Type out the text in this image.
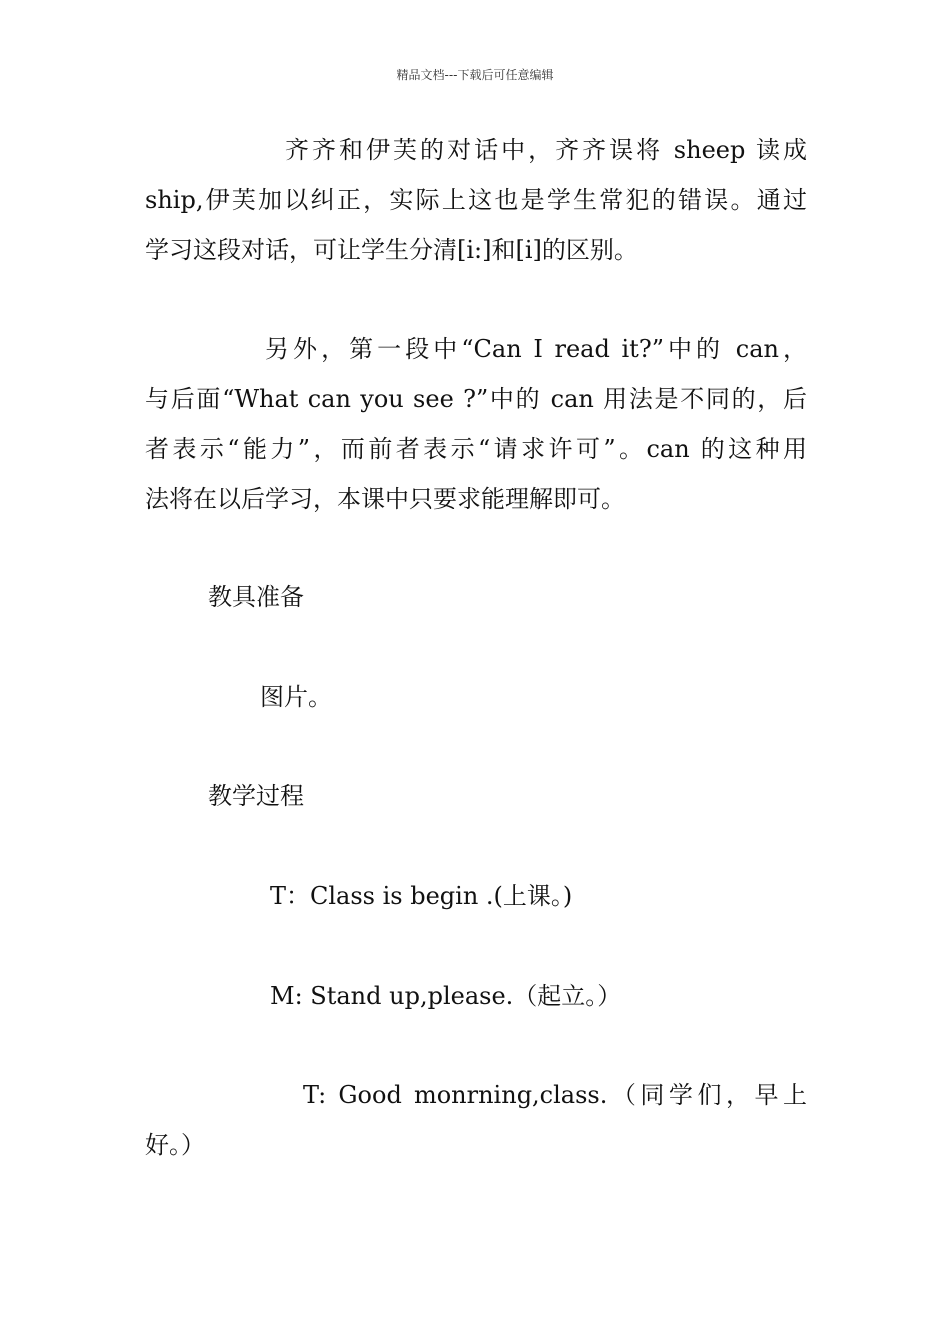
精品文档---下载后可任意编辑
齐齐和伊芙的对话中，齐齐误将 sheep 读成
ship,伊芙加以纠正，实际上这也是学生常犯的错误。通过
学习这段对话，可让学生分清[i:]和[i]的区别。
另外，第一段中“Can I read it?”中的 can，
与后面“What can you see ?”中的 can 用法是不同的，后
者表示“能力”，而前者表示“请求许可”。can 的这种用
法将在以后学习，本课中只要求能理解即可。
教具准备
图片。
教学过程
T：Class is begin .(上课。)
M: Stand up,please.（起立。）
T: Good monrning,class.（同学们，早上
好。）
